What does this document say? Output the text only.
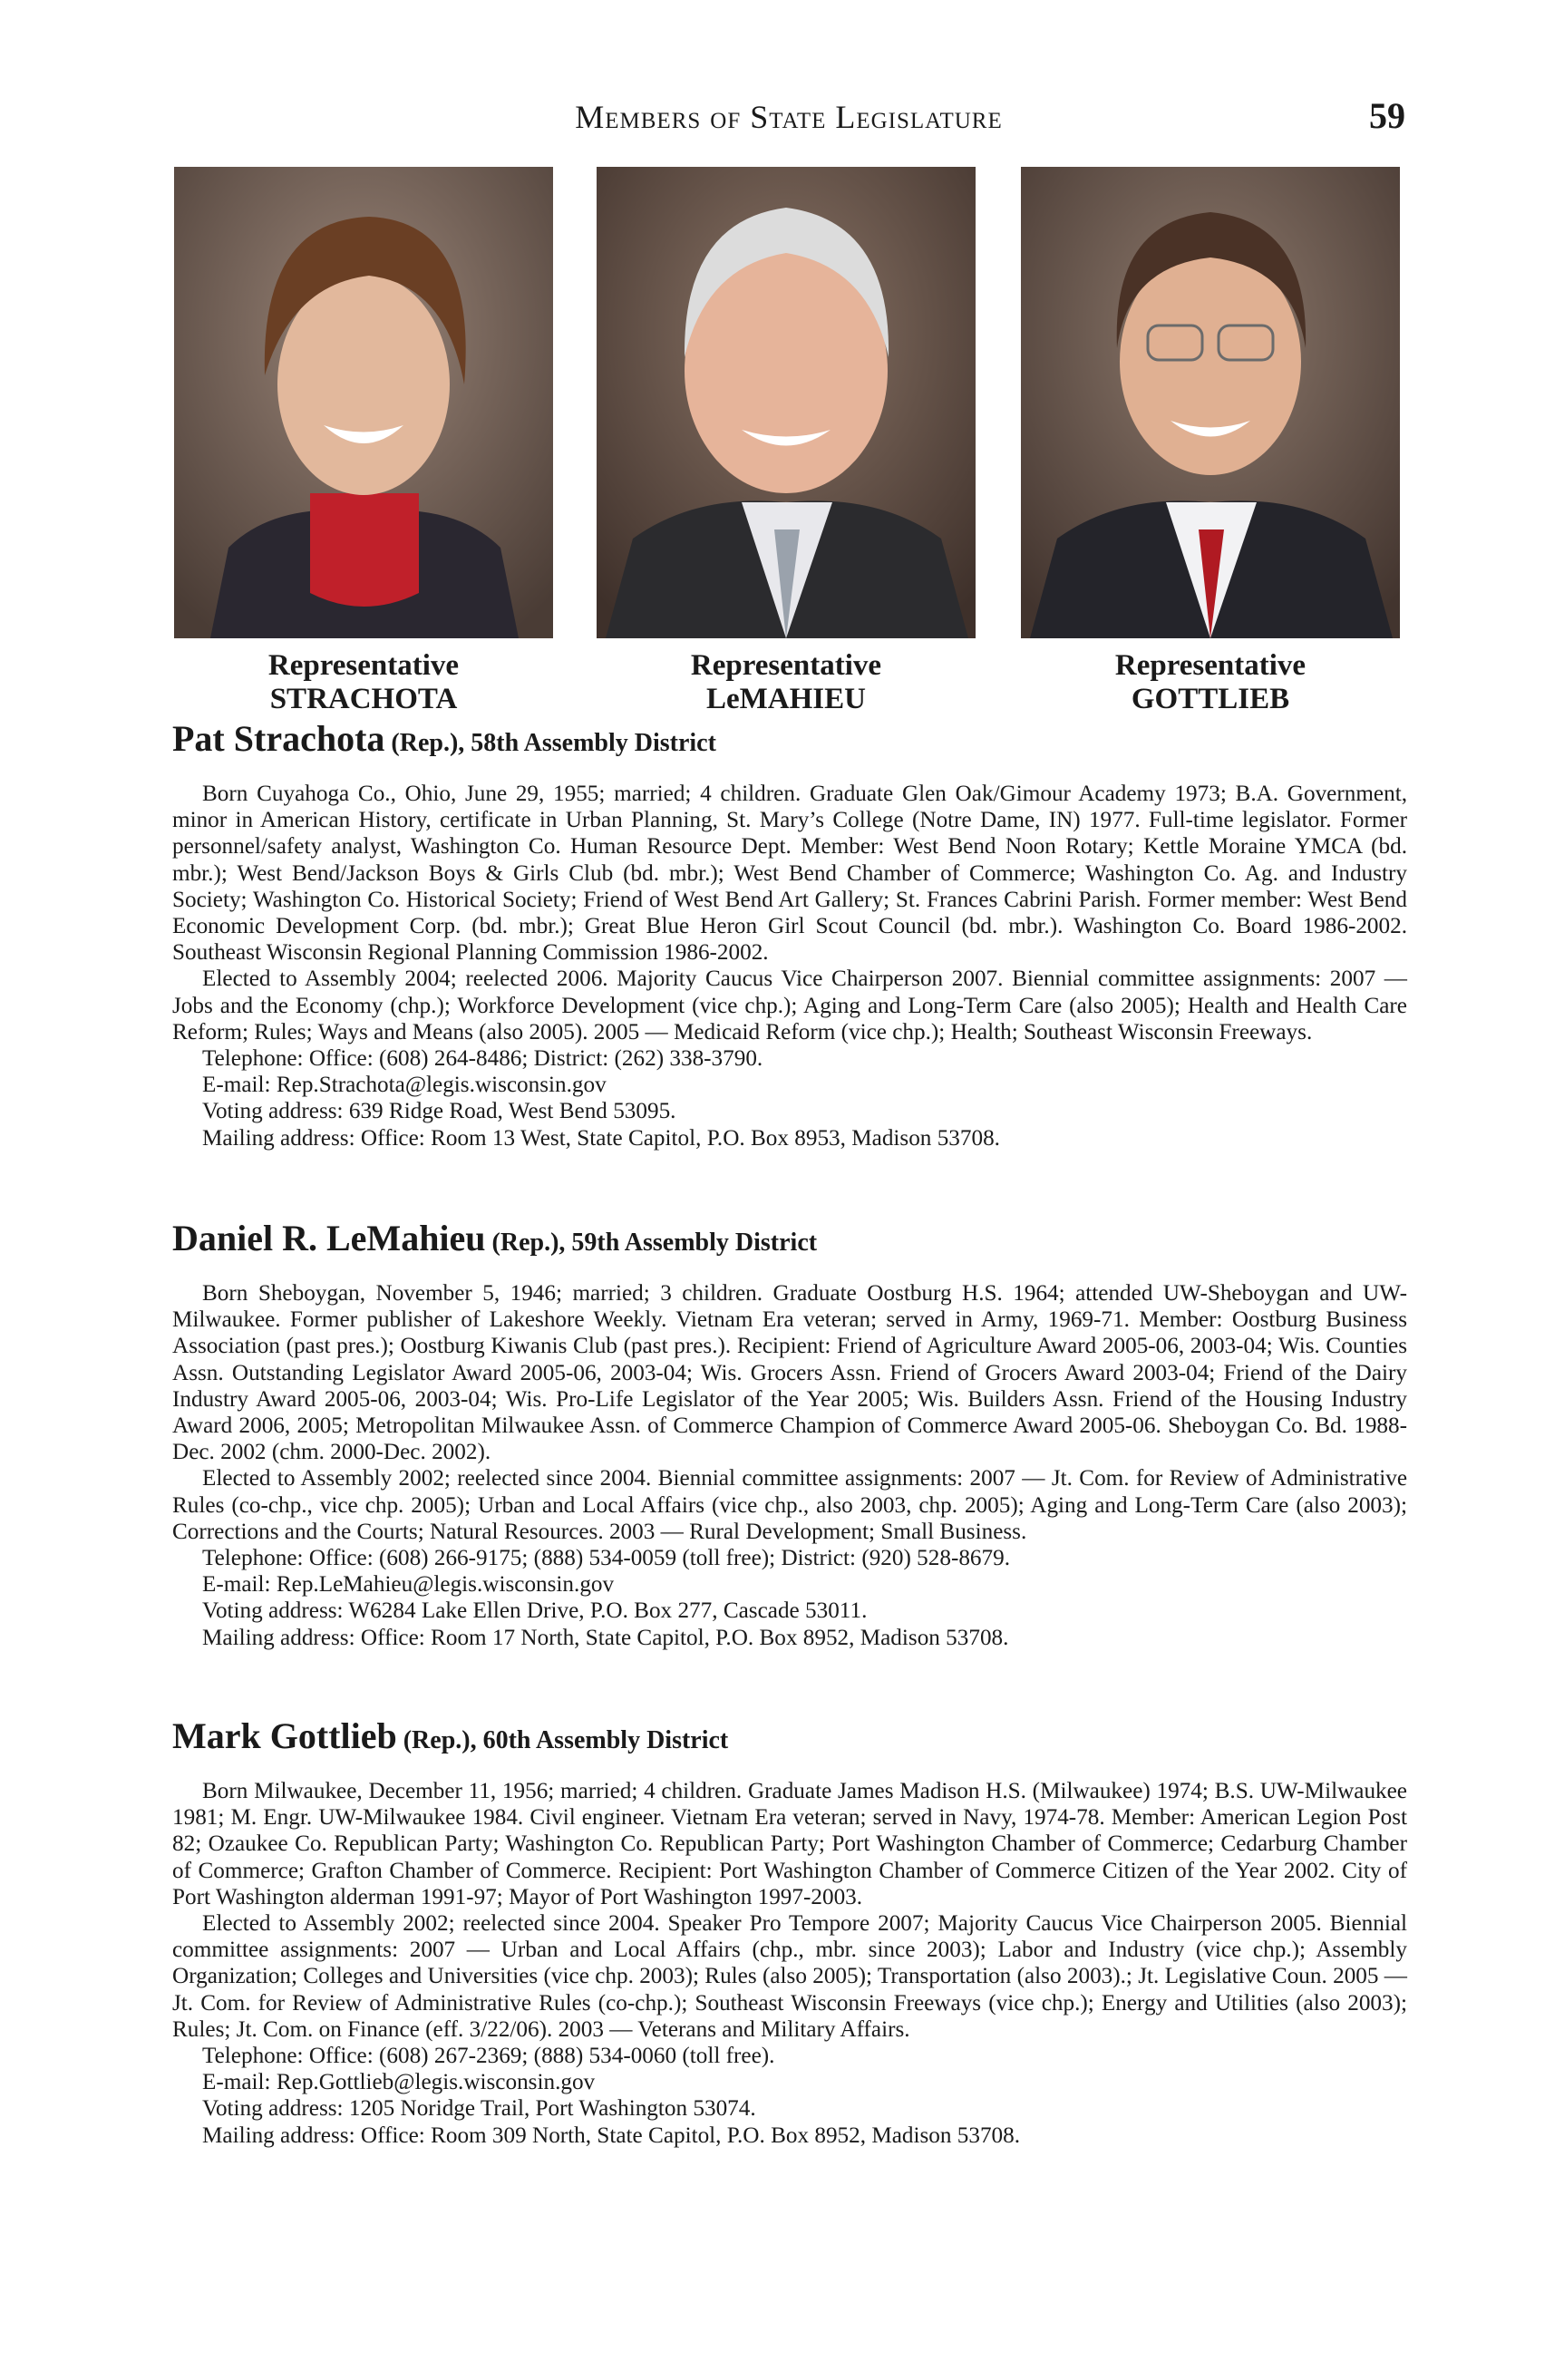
Members of State Legislature	59
Representative
STRACHOTA
Representative
LeMAHIEU
Representative
GOTTLIEB
Pat Strachota (Rep.), 58th Assembly District

Born Cuyahoga Co., Ohio, June 29, 1955; married; 4 children. Graduate Glen Oak/Gimour Academy 1973; B.A. Government, minor in American History, certificate in Urban Planning, St. Mary’s College (Notre Dame, IN) 1977. Full-time legislator. Former personnel/safety analyst, Washington Co. Human Resource Dept. Member: West Bend Noon Rotary; Kettle Moraine YMCA (bd. mbr.); West Bend/Jackson Boys & Girls Club (bd. mbr.); West Bend Chamber of Commerce; Washington Co. Ag. and Industry Society; Washington Co. Historical Society; Friend of West Bend Art Gallery; St. Frances Cabrini Parish. Former member: West Bend Economic Development Corp. (bd. mbr.); Great Blue Heron Girl Scout Council (bd. mbr.). Washington Co. Board 1986-2002. Southeast Wisconsin Regional Planning Commission 1986-2002.

Elected to Assembly 2004; reelected 2006. Majority Caucus Vice Chairperson 2007. Biennial committee assignments: 2007 — Jobs and the Economy (chp.); Workforce Development (vice chp.); Aging and Long-Term Care (also 2005); Health and Health Care Reform; Rules; Ways and Means (also 2005). 2005 — Medicaid Reform (vice chp.); Health; Southeast Wisconsin Freeways.

Telephone: Office: (608) 264-8486; District: (262) 338-3790.

E-mail: Rep.Strachota@legis.wisconsin.gov

Voting address: 639 Ridge Road, West Bend 53095.

Mailing address: Office: Room 13 West, State Capitol, P.O. Box 8953, Madison 53708.

Daniel R. LeMahieu (Rep.), 59th Assembly District

Born Sheboygan, November 5, 1946; married; 3 children. Graduate Oostburg H.S. 1964; attended UW-Sheboygan and UW-Milwaukee. Former publisher of Lakeshore Weekly. Vietnam Era veteran; served in Army, 1969-71. Member: Oostburg Business Association (past pres.); Oostburg Kiwanis Club (past pres.). Recipient: Friend of Agriculture Award 2005-06, 2003-04; Wis. Counties Assn. Outstanding Legislator Award 2005-06, 2003-04; Wis. Grocers Assn. Friend of Grocers Award 2003-04; Friend of the Dairy Industry Award 2005-06, 2003-04; Wis. Pro-Life Legislator of the Year 2005; Wis. Builders Assn. Friend of the Housing Industry Award 2006, 2005; Metropolitan Milwaukee Assn. of Commerce Champion of Commerce Award 2005-06. Sheboygan Co. Bd. 1988-Dec. 2002 (chm. 2000-Dec. 2002).

Elected to Assembly 2002; reelected since 2004. Biennial committee assignments: 2007 — Jt. Com. for Review of Administrative Rules (co-chp., vice chp. 2005); Urban and Local Affairs (vice chp., also 2003, chp. 2005); Aging and Long-Term Care (also 2003); Corrections and the Courts; Natural Resources. 2003 — Rural Development; Small Business.

Telephone: Office: (608) 266-9175; (888) 534-0059 (toll free); District: (920) 528-8679.

E-mail: Rep.LeMahieu@legis.wisconsin.gov

Voting address: W6284 Lake Ellen Drive, P.O. Box 277, Cascade 53011.

Mailing address: Office: Room 17 North, State Capitol, P.O. Box 8952, Madison 53708.

Mark Gottlieb (Rep.), 60th Assembly District

Born Milwaukee, December 11, 1956; married; 4 children. Graduate James Madison H.S. (Milwaukee) 1974; B.S. UW-Milwaukee 1981; M. Engr. UW-Milwaukee 1984. Civil engineer. Vietnam Era veteran; served in Navy, 1974-78. Member: American Legion Post 82; Ozaukee Co. Republican Party; Washington Co. Republican Party; Port Washington Chamber of Commerce; Cedarburg Chamber of Commerce; Grafton Chamber of Commerce. Recipient: Port Washington Chamber of Commerce Citizen of the Year 2002. City of Port Washington alderman 1991-97; Mayor of Port Washington 1997-2003.

Elected to Assembly 2002; reelected since 2004. Speaker Pro Tempore 2007; Majority Caucus Vice Chairperson 2005. Biennial committee assignments: 2007 — Urban and Local Affairs (chp., mbr. since 2003); Labor and Industry (vice chp.); Assembly Organization; Colleges and Universities (vice chp. 2003); Rules (also 2005); Transportation (also 2003).; Jt. Legislative Coun. 2005 — Jt. Com. for Review of Administrative Rules (co-chp.); Southeast Wisconsin Freeways (vice chp.); Energy and Utilities (also 2003); Rules; Jt. Com. on Finance (eff. 3/22/06). 2003 — Veterans and Military Affairs.

Telephone: Office: (608) 267-2369; (888) 534-0060 (toll free).

E-mail: Rep.Gottlieb@legis.wisconsin.gov

Voting address: 1205 Noridge Trail, Port Washington 53074.

Mailing address: Office: Room 309 North, State Capitol, P.O. Box 8952, Madison 53708.
